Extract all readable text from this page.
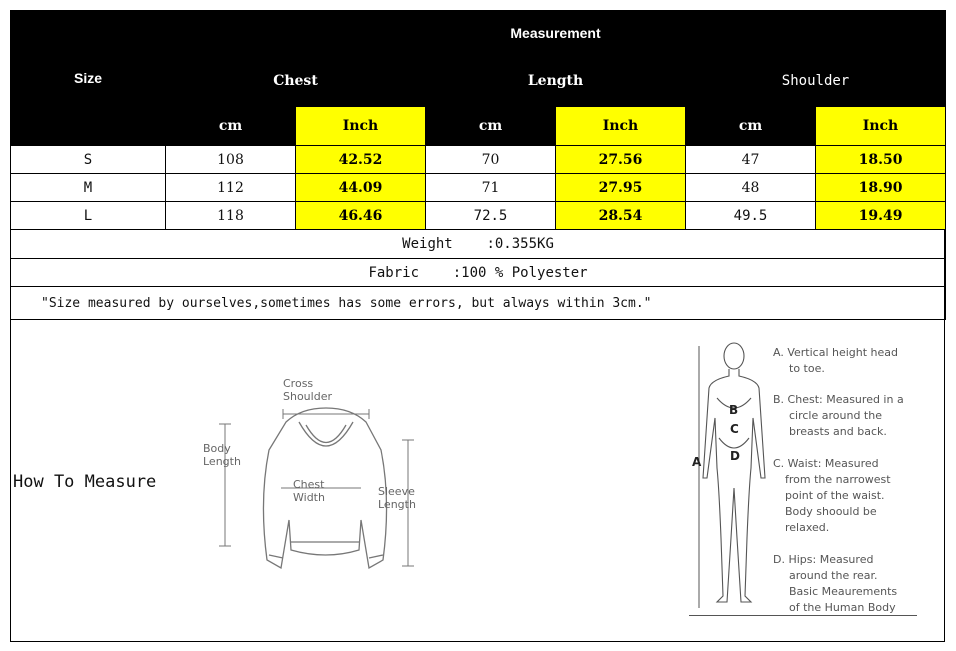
Size	Measurement					
	Chest		Length		Shoulder	
	cm	Inch	cm	Inch	cm	Inch
S	108	42.52	70	27.56	47	18.50
M	112	44.09	71	27.95	48	18.90
L	118	46.46	72.5	28.54	49.5	19.49
Weight    :0.355KG						
Fabric    :100 % Polyester						
"Size measured by ourselves,sometimes has some errors, but always within 3cm."						
How To Measure
Cross
Shoulder
Body
Length
Chest
Width	Sleeve
Length
A
B
C
D
A. Vertical height head
to toe.
B. Chest: Measured in a
circle around the
breasts and back.
C. Waist: Measured
from the narrowest
point of the waist.
Body shoould be
relaxed.
D. Hips: Measured
around the rear.
Basic Meaurements
of the Human Body
